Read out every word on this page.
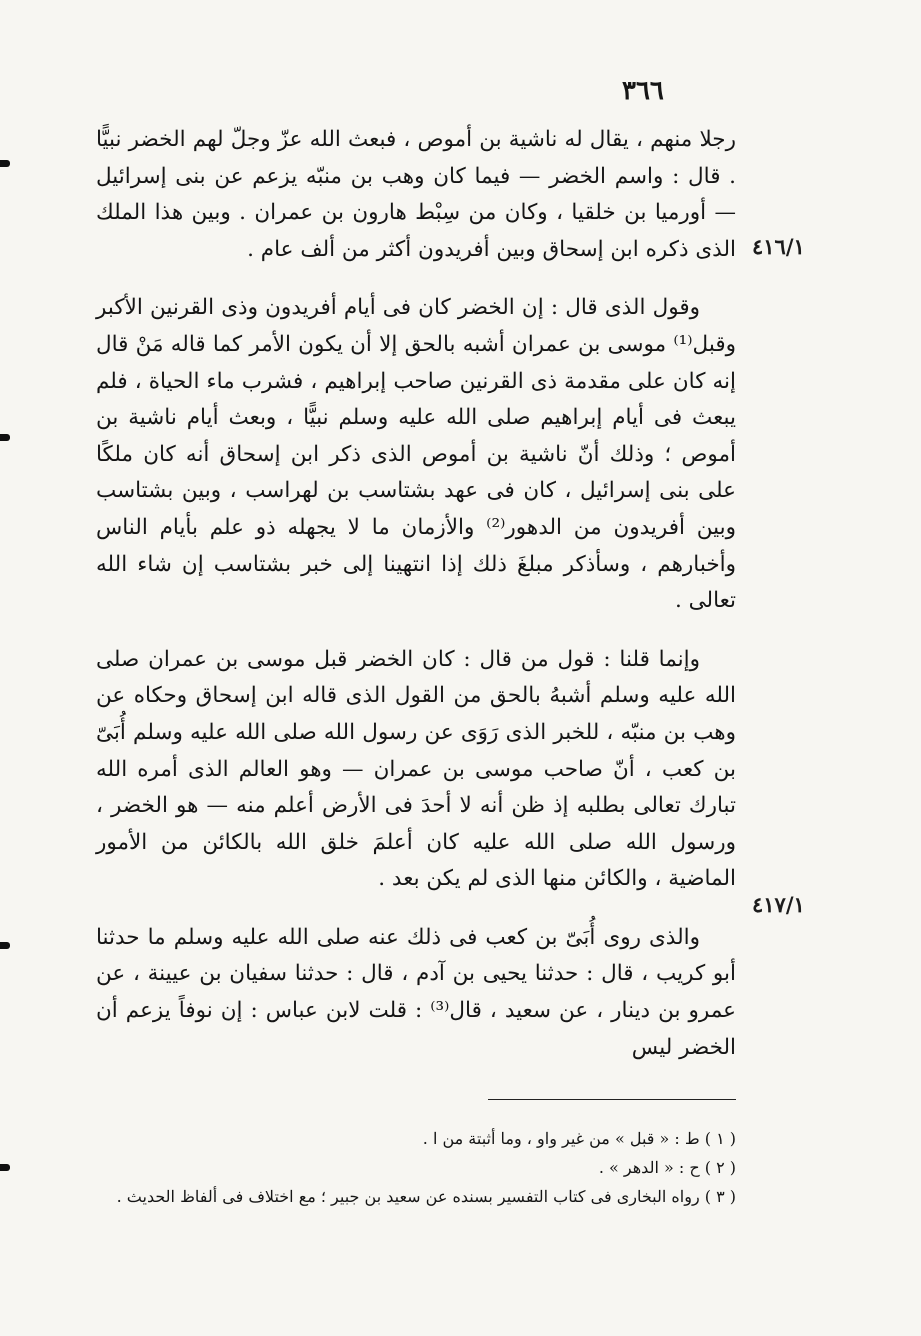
٣٦٦
٤١٦/١
٤١٧/١

رجلا منهم ، يقال له ناشية بن أموص ، فبعث الله عزّ وجلّ لهم الخضر نبيًّا . قال : واسم الخضر — فيما كان وهب بن منبّه يزعم عن بنى إسرائيل — أورميا بن خلقيا ، وكان من سِبْط هارون بن عمران . وبين هذا الملك الذى ذكره ابن إسحاق وبين أفريدون أكثر من ألف عام .

وقول الذى قال : إن الخضر كان فى أيام أفريدون وذى القرنين الأكبر وقبل⁽¹⁾ موسى بن عمران أشبه بالحق إلا أن يكون الأمر كما قاله مَنْ قال إنه كان على مقدمة ذى القرنين صاحب إبراهيم ، فشرب ماء الحياة ، فلم يبعث فى أيام إبراهيم صلى الله عليه وسلم نبيًّا ، وبعث أيام ناشية بن أموص ؛ وذلك أنّ ناشية بن أموص الذى ذكر ابن إسحاق أنه كان ملكًا على بنى إسرائيل ، كان فى عهد بشتاسب بن لهراسب ، وبين بشتاسب وبين أفريدون من الدهور⁽²⁾ والأزمان ما لا يجهله ذو علم بأيام الناس وأخبارهم ، وسأذكر مبلغَ ذلك إذا انتهينا إلى خبر بشتاسب إن شاء الله تعالى .

وإنما قلنا : قول من قال : كان الخضر قبل موسى بن عمران صلى الله عليه وسلم أشبهُ بالحق من القول الذى قاله ابن إسحاق وحكاه عن وهب بن منبّه ، للخبر الذى رَوَى عن رسول الله صلى الله عليه وسلم أُبَىّ بن كعب ، أنّ صاحب موسى بن عمران — وهو العالم الذى أمره الله تبارك تعالى بطلبه إذ ظن أنه لا أحدَ فى الأرض أعلم منه — هو الخضر ، ورسول الله صلى الله عليه كان أعلمَ خلق الله بالكائن من الأمور الماضية ، والكائن منها الذى لم يكن بعد .

والذى روى أُبَىّ بن كعب فى ذلك عنه صلى الله عليه وسلم ما حدثنا أبو كريب ، قال : حدثنا يحيى بن آدم ، قال : حدثنا سفيان بن عيينة ، عن عمرو بن دينار ، عن سعيد ، قال⁽³⁾ : قلت لابن عباس : إن نوفاً يزعم أن الخضر ليس

( ١ ) ط : « قبل » من غير واو ، وما أثبتة من ا .

( ٢ ) ح : « الدهر » .

( ٣ ) رواه البخارى فى كتاب التفسير بسنده عن سعيد بن جبير ؛ مع اختلاف فى ألفاظ الحديث .
